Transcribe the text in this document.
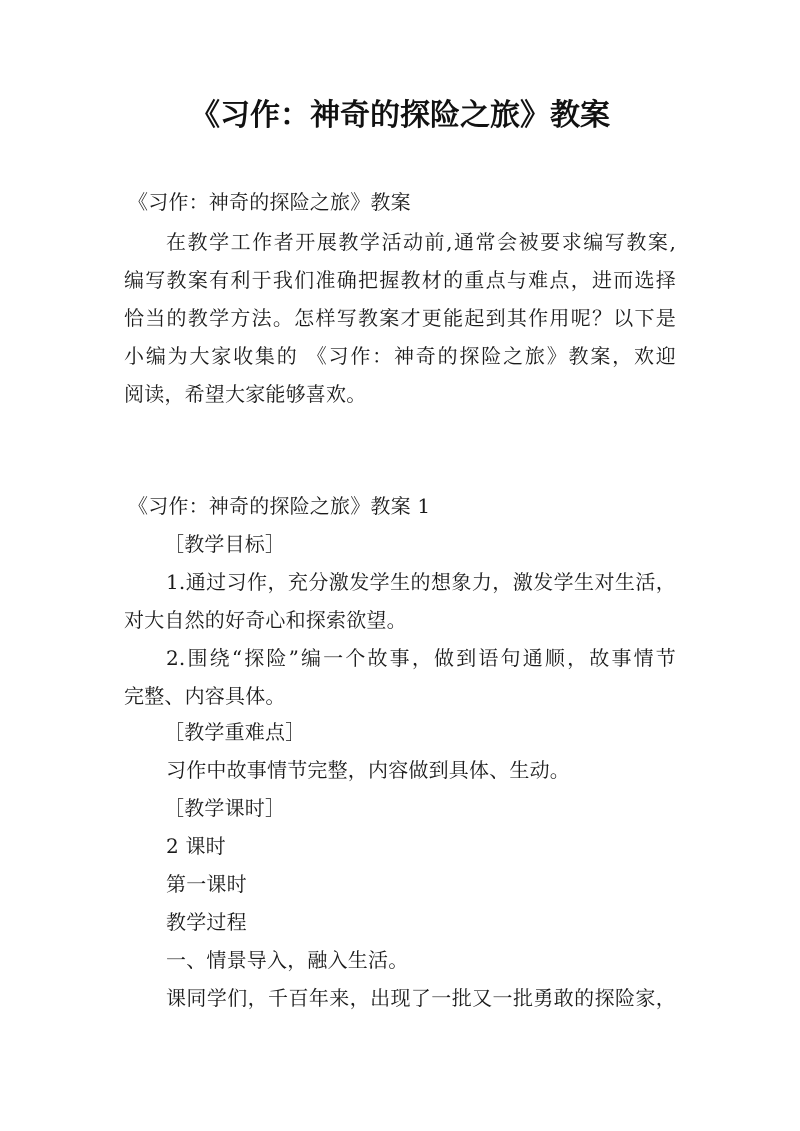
《习作：神奇的探险之旅》教案
《习作：神奇的探险之旅》教案
在教学工作者开展教学活动前,通常会被要求编写教案,
编写教案有利于我们准确把握教材的重点与难点，进而选择
恰当的教学方法。怎样写教案才更能起到其作用呢？以下是
小编为大家收集的 《习作：神奇的探险之旅》教案，欢迎
阅读，希望大家能够喜欢。
《习作：神奇的探险之旅》教案 1
［教学目标］
1.通过习作，充分激发学生的想象力，激发学生对生活，
对大自然的好奇心和探索欲望。
2.围绕“探险”编一个故事，做到语句通顺，故事情节
完整、内容具体。
［教学重难点］
习作中故事情节完整，内容做到具体、生动。
［教学课时］
2 课时
第一课时
教学过程
一、情景导入，融入生活。
课同学们，千百年来，出现了一批又一批勇敢的探险家，
